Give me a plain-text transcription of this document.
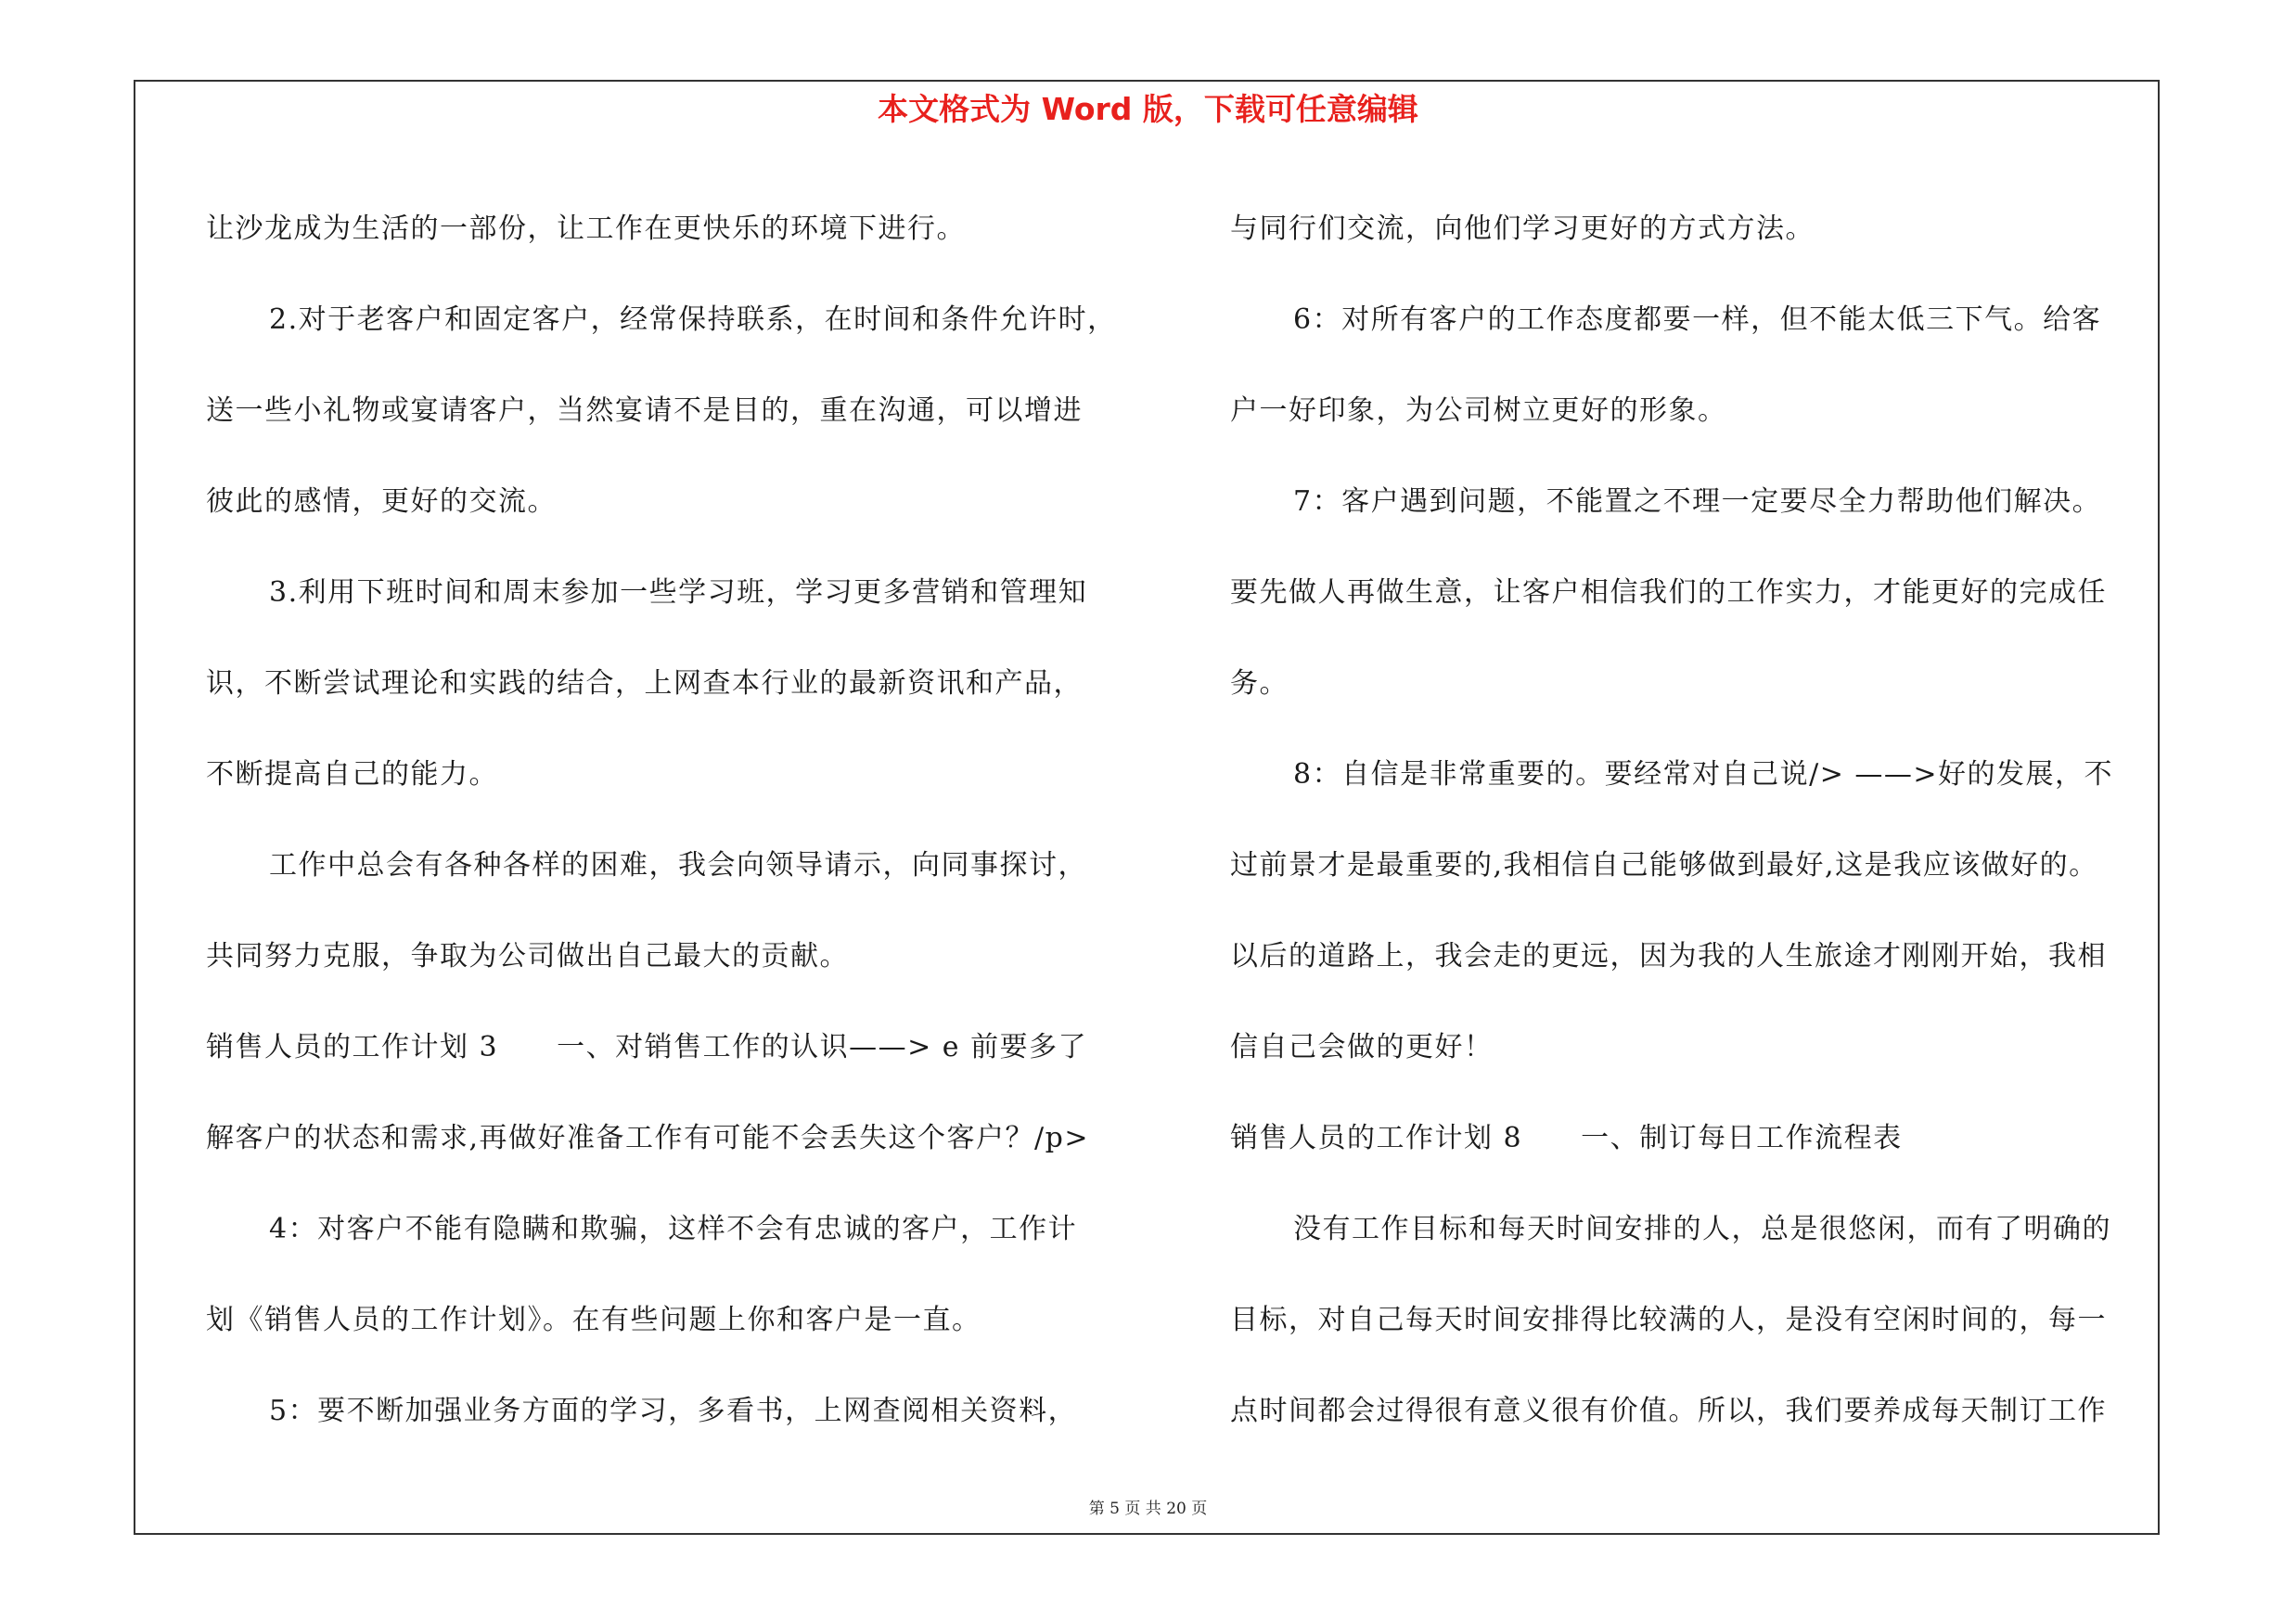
本文格式为 Word 版，下载可任意编辑

让沙龙成为生活的一部份，让工作在更快乐的环境下进行。

2.对于老客户和固定客户，经常保持联系，在时间和条件允许时，

送一些小礼物或宴请客户，当然宴请不是目的，重在沟通，可以增进

彼此的感情，更好的交流。

3.利用下班时间和周末参加一些学习班，学习更多营销和管理知

识，不断尝试理论和实践的结合，上网查本行业的最新资讯和产品，

不断提高自己的能力。

工作中总会有各种各样的困难，我会向领导请示，向同事探讨，

共同努力克服，争取为公司做出自己最大的贡献。

销售人员的工作计划 3　　一、对销售工作的认识——> e 前要多了

解客户的状态和需求,再做好准备工作有可能不会丢失这个客户？/p>

4：对客户不能有隐瞒和欺骗，这样不会有忠诚的客户，工作计

划《销售人员的工作计划》。在有些问题上你和客户是一直。

5：要不断加强业务方面的学习，多看书，上网查阅相关资料，

与同行们交流，向他们学习更好的方式方法。

6：对所有客户的工作态度都要一样，但不能太低三下气。给客

户一好印象，为公司树立更好的形象。

7：客户遇到问题，不能置之不理一定要尽全力帮助他们解决。

要先做人再做生意，让客户相信我们的工作实力，才能更好的完成任

务。

8：自信是非常重要的。要经常对自己说/> ——>好的发展，不

过前景才是最重要的,我相信自己能够做到最好,这是我应该做好的。

以后的道路上，我会走的更远，因为我的人生旅途才刚刚开始，我相

信自己会做的更好！

销售人员的工作计划 8　　一、制订每日工作流程表

没有工作目标和每天时间安排的人，总是很悠闲，而有了明确的

目标，对自己每天时间安排得比较满的人，是没有空闲时间的，每一

点时间都会过得很有意义很有价值。所以，我们要养成每天制订工作

第 5 页 共 20 页
